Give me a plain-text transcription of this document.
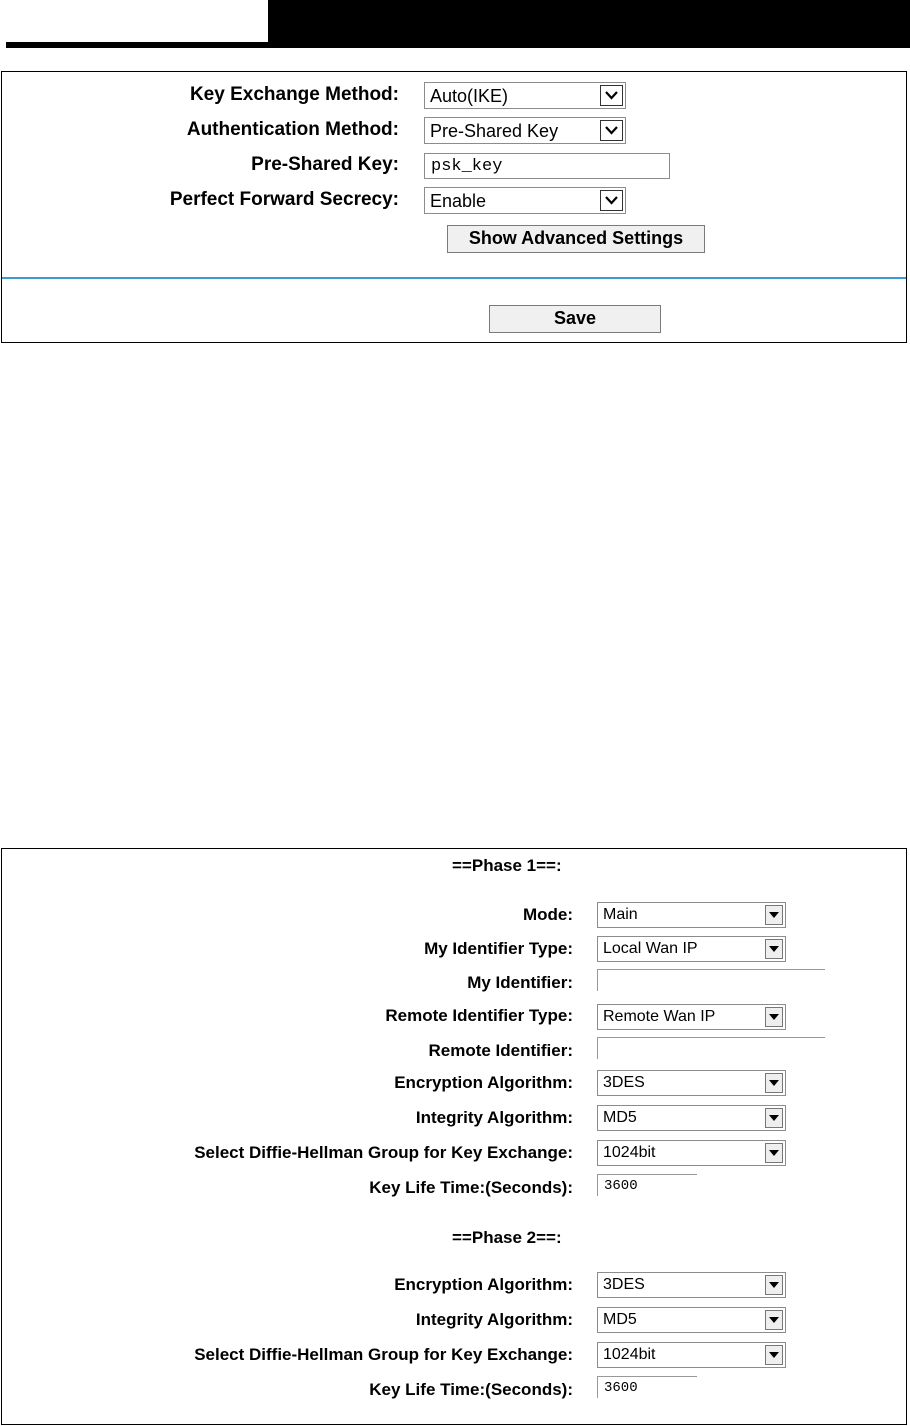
Key Exchange Method: Auto(IKE)
Authentication Method: Pre-Shared Key
Pre-Shared Key:	psk_key
Perfect Forward Secrecy: Enable
Show Advanced Settings
Save
==Phase 1==:
Mode: Main
My Identifier Type: Local Wan IP
My Identifier:
Remote Identifier Type: Remote Wan IP
Remote Identifier:
Encryption Algorithm: 3DES
Integrity Algorithm: MD5
Select Diffie-Hellman Group for Key Exchange: 1024bit
Key Life Time:(Seconds):	3600
==Phase 2==:
Encryption Algorithm: 3DES
Integrity Algorithm: MD5
Select Diffie-Hellman Group for Key Exchange: 1024bit
Key Life Time:(Seconds):	3600
